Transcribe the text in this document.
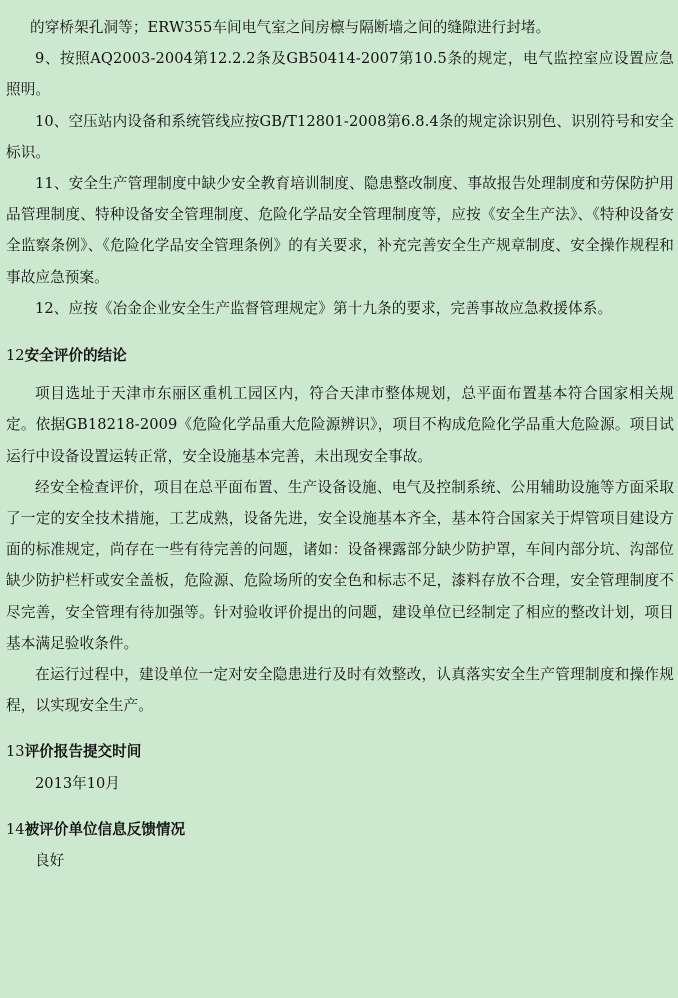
的穿桥架孔洞等；ERW355车间电气室之间房檩与隔断墙之间的缝隙进行封堵。

9、按照AQ2003-2004第12.2.2条及GB50414-2007第10.5条的规定，电气监控室应设置应急照明。

10、空压站内设备和系统管线应按GB/T12801-2008第6.8.4条的规定涂识别色、识别符号和安全标识。

11、安全生产管理制度中缺少安全教育培训制度、隐患整改制度、事故报告处理制度和劳保防护用品管理制度、特种设备安全管理制度、危险化学品安全管理制度等，应按《安全生产法》、《特种设备安全监察条例》、《危险化学品安全管理条例》的有关要求，补充完善安全生产规章制度、安全操作规程和事故应急预案。

12、应按《冶金企业安全生产监督管理规定》第十九条的要求，完善事故应急救援体系。

12安全评价的结论

项目选址于天津市东丽区重机工园区内，符合天津市整体规划，总平面布置基本符合国家相关规定。依据GB18218-2009《危险化学品重大危险源辨识》，项目不构成危险化学品重大危险源。项目试运行中设备设置运转正常，安全设施基本完善，未出现安全事故。

经安全检查评价，项目在总平面布置、生产设备设施、电气及控制系统、公用辅助设施等方面采取了一定的安全技术措施，工艺成熟，设备先进，安全设施基本齐全，基本符合国家关于焊管项目建设方面的标准规定，尚存在一些有待完善的问题，诸如：设备裸露部分缺少防护罩，车间内部分坑、沟部位缺少防护栏杆或安全盖板，危险源、危险场所的安全色和标志不足，漆料存放不合理，安全管理制度不尽完善，安全管理有待加强等。针对验收评价提出的问题，建设单位已经制定了相应的整改计划，项目基本满足验收条件。

在运行过程中，建设单位一定对安全隐患进行及时有效整改，认真落实安全生产管理制度和操作规程，以实现安全生产。

13评价报告提交时间

2013年10月

14被评价单位信息反馈情况

良好
